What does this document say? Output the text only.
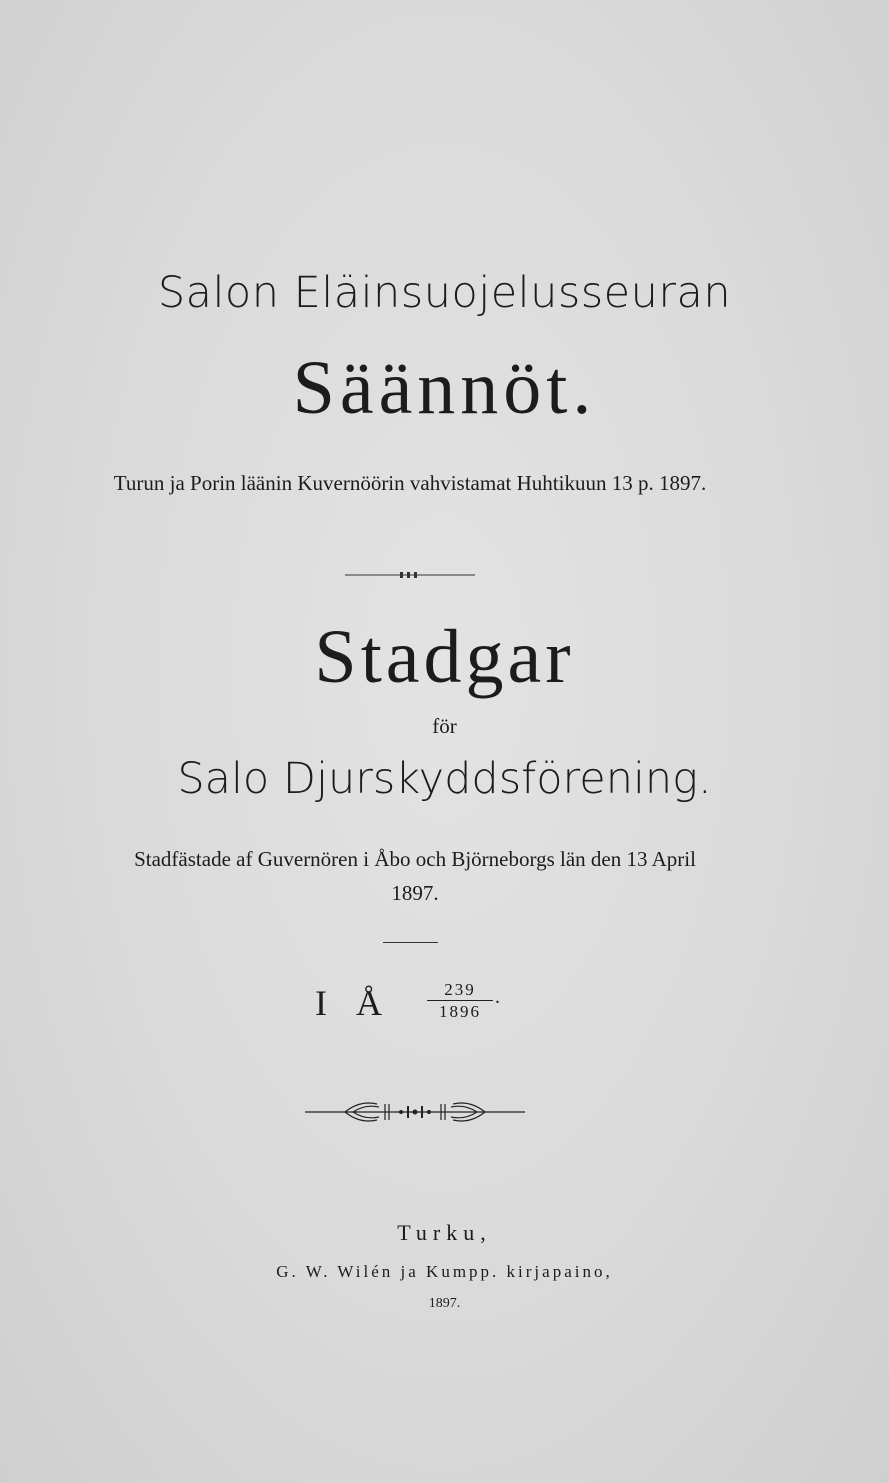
Salon Eläinsuojelusseuran
Säännöt.
Turun ja Porin läänin Kuvernöörin vahvistamat Huhtikuun 13 p. 1897.
Stadgar
för
Salo Djurskyddsförening.
Stadfästade af Guvernören i Åbo och Björneborgs län den 13 April 1897.
I Å $\frac{239}{1896}$ .
Turku,
G. W. Wilén ja Kumpp. kirjapaino,
1897.
